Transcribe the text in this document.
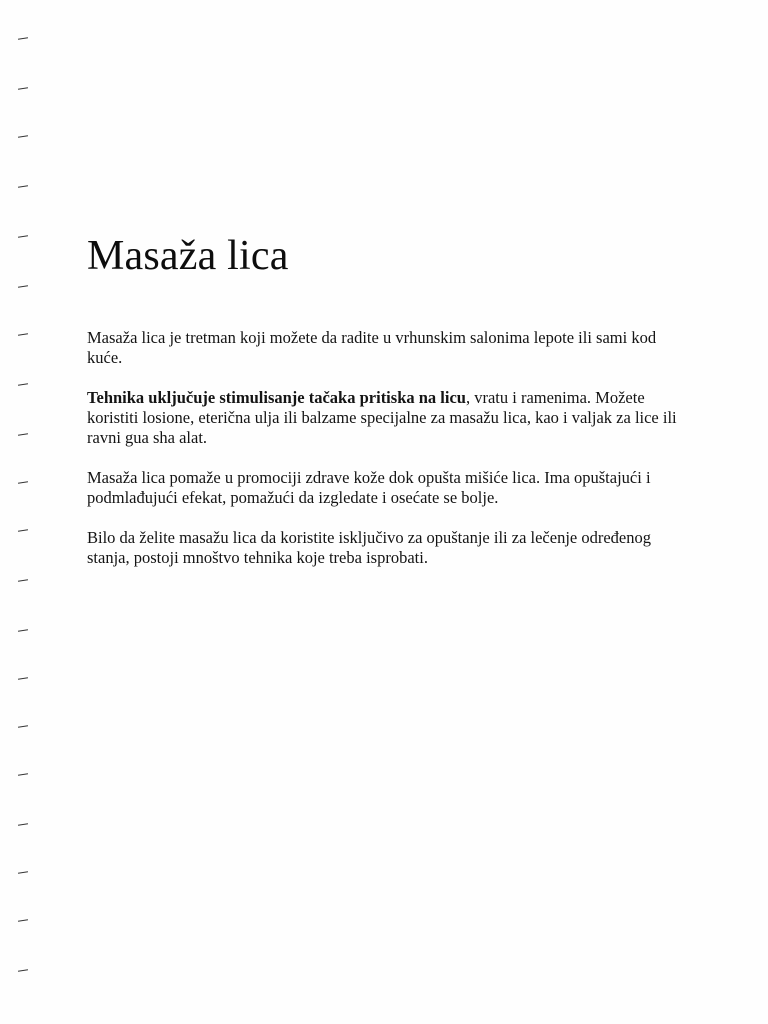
Masaža lica

Masaža lica je tretman koji možete da radite u vrhunskim salonima lepote ili sami kod kuće.

Tehnika uključuje stimulisanje tačaka pritiska na licu, vratu i ramenima. Možete koristiti losione, eterična ulja ili balzame specijalne za masažu lica, kao i valjak za lice ili ravni gua sha alat.

Masaža lica pomaže u promociji zdrave kože dok opušta mišiće lica. Ima opuštajući i podmlađujući efekat, pomažući da izgledate i osećate se bolje.

Bilo da želite masažu lica da koristite isključivo za opuštanje ili za lečenje određenog stanja, postoji mnoštvo tehnika koje treba isprobati.
